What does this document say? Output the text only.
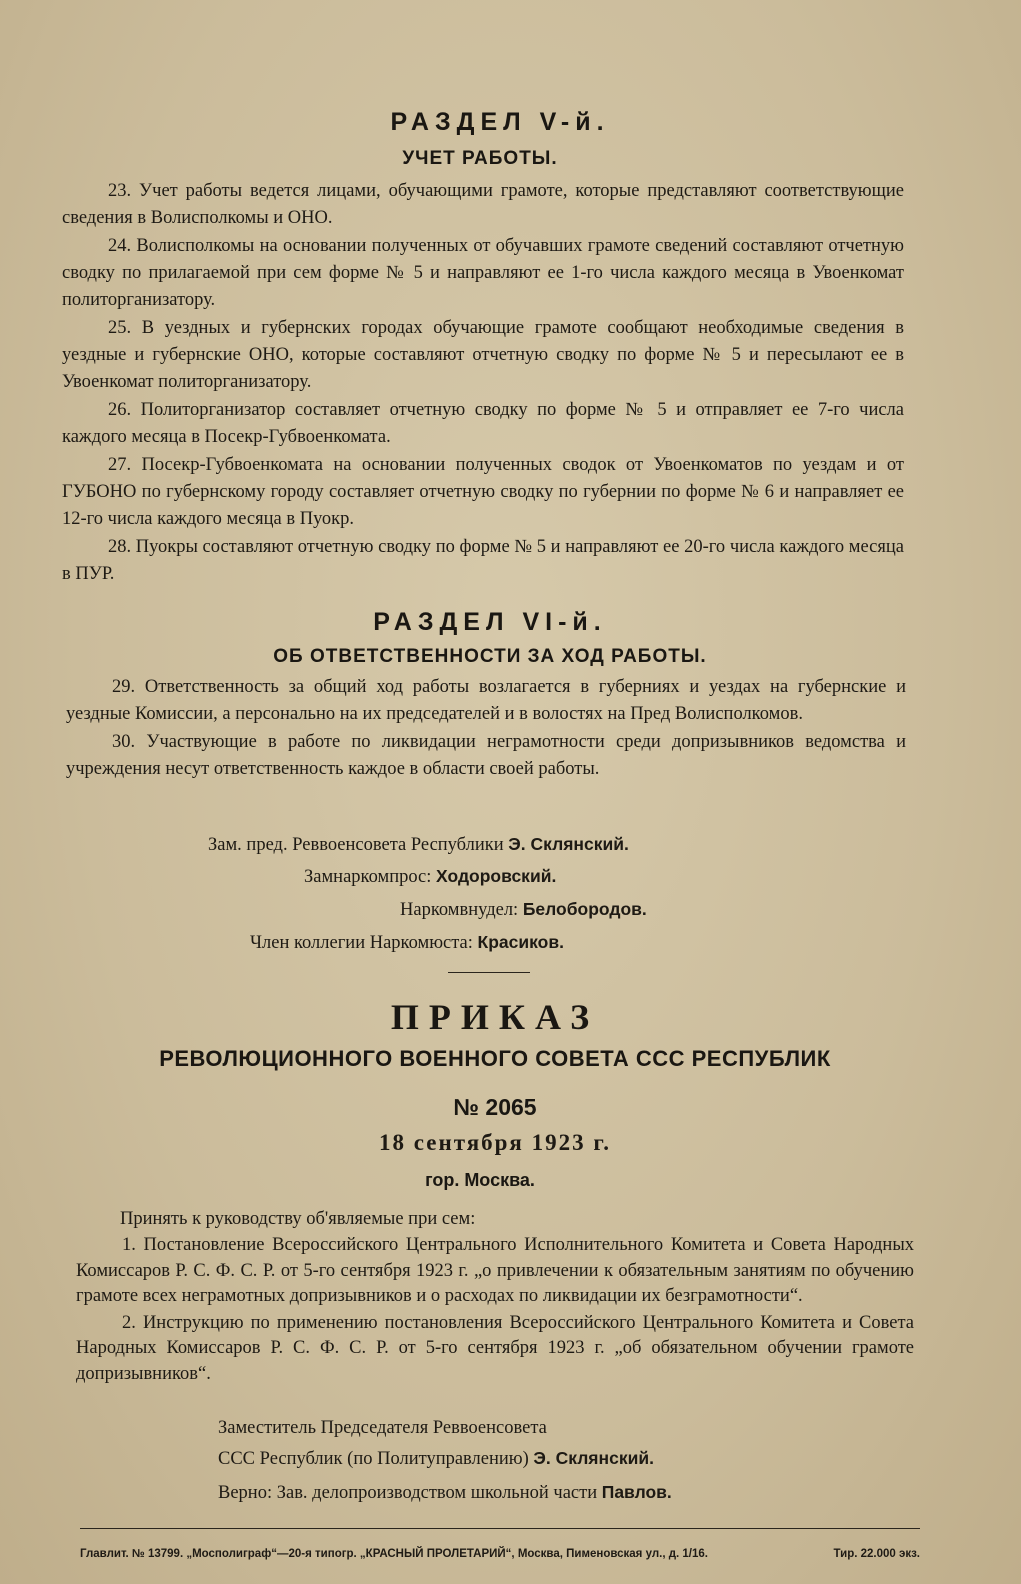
РАЗДЕЛ V-й.
УЧЕТ РАБОТЫ.

23. Учет работы ведется лицами, обучающими грамоте, которые представляют соответствующие сведения в Волисполкомы и ОНО.

24. Волисполкомы на основании полученных от обучавших грамоте сведений составляют отчетную сводку по прилагаемой при сем форме № 5 и направляют ее 1-го числа каждого месяца в Увоенкомат политорганизатору.

25. В уездных и губернских городах обучающие грамоте сообщают необходимые сведения в уездные и губернские ОНО, которые составляют отчетную сводку по форме № 5 и пересылают ее в Увоенкомат политорганизатору.

26. Политорганизатор составляет отчетную сводку по форме № 5 и отправляет ее 7-го числа каждого месяца в Посекр-Губвоенкомата.

27. Посекр-Губвоенкомата на основании полученных сводок от Увоенкоматов по уездам и от ГУБОНО по губернскому городу составляет отчетную сводку по губернии по форме № 6 и направляет ее 12-го числа каждого месяца в Пуокр.

28. Пуокры составляют отчетную сводку по форме № 5 и направляют ее 20-го числа каждого месяца в ПУР.

РАЗДЕЛ VI-й.
ОБ ОТВЕТСТВЕННОСТИ ЗА ХОД РАБОТЫ.

29. Ответственность за общий ход работы возлагается в губерниях и уездах на губернские и уездные Комиссии, а персонально на их председателей и в волостях на Пред Волисполкомов.

30. Участвующие в работе по ликвидации неграмотности среди допризывников ведомства и учреждения несут ответственность каждое в области своей работы.

Зам. пред. Реввоенсовета Республики Э. Склянский.
Замнаркомпрос: Ходоровский.
Наркомвнудел: Белобородов.
Член коллегии Наркомюста: Красиков.
ПРИКАЗ
РЕВОЛЮЦИОННОГО ВОЕННОГО СОВЕТА ССС РЕСПУБЛИК
№ 2065
18 сентября 1923 г.
гор. Москва.

Принять к руководству об'являемые при сем:

1. Постановление Всероссийского Центрального Исполнительного Комитета и Совета Народных Комиссаров Р. С. Ф. С. Р. от 5-го сентября 1923 г. „о привлечении к обязательным занятиям по обучению грамоте всех неграмотных допризывников и о расходах по ликвидации их безграмотности“.

2. Инструкцию по применению постановления Всероссийского Центрального Комитета и Совета Народных Комиссаров Р. С. Ф. С. Р. от 5-го сентября 1923 г. „об обязательном обучении грамоте допризывников“.

Заместитель Председателя Реввоенсовета
ССС Республик (по Политуправлению) Э. Склянский.
Верно: Зав. делопроизводством школьной части Павлов.
Главлит. № 13799. „Мосполиграф“—20-я типогр. „КРАСНЫЙ ПРОЛЕТАРИЙ“, Москва, Пименовская ул., д. 1/16.	Тир. 22.000 экз.
